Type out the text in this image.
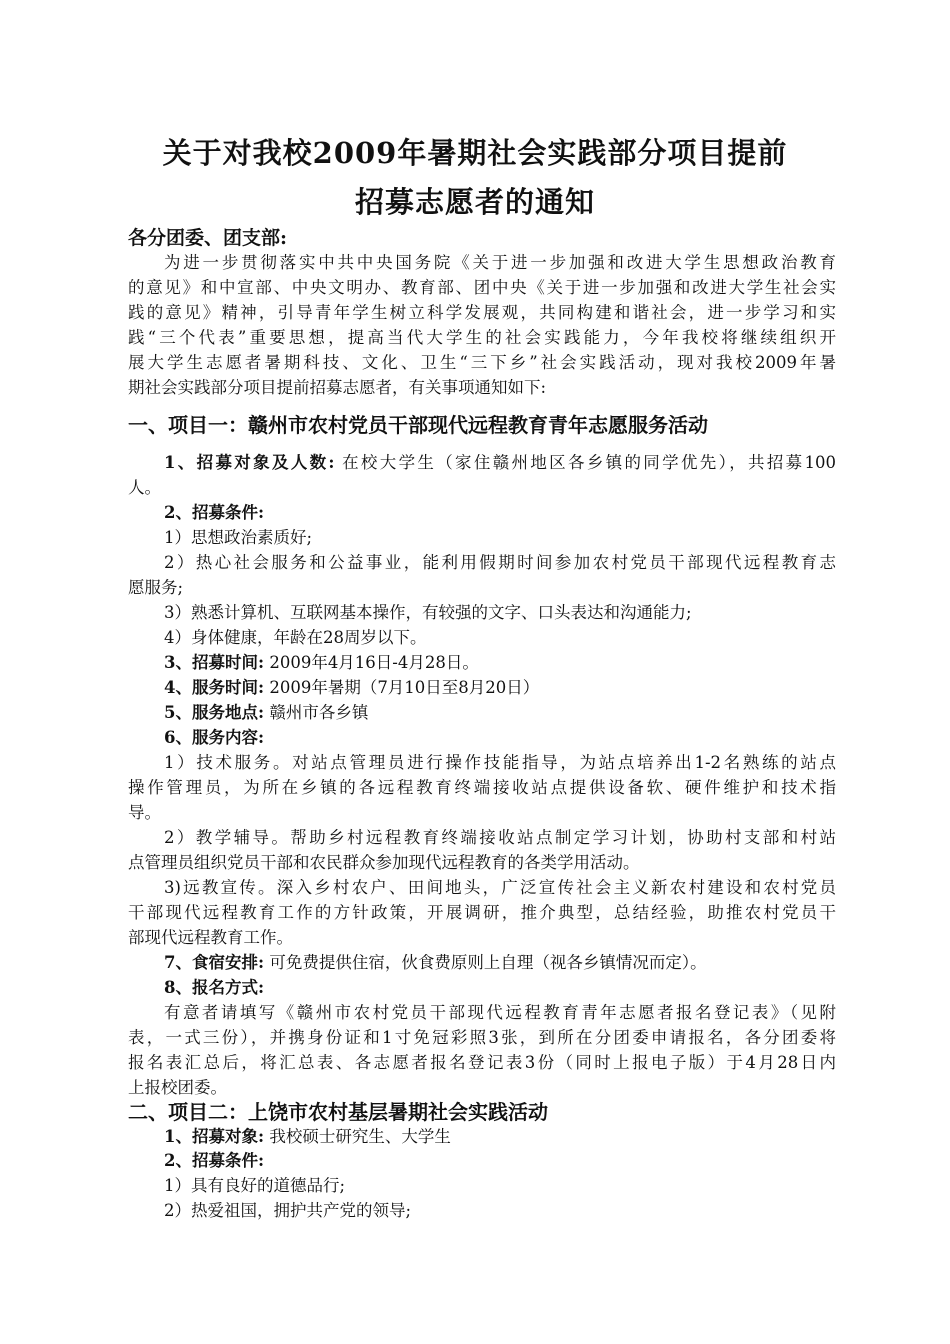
关于对我校2009年暑期社会实践部分项目提前
招募志愿者的通知
各分团委、团支部:
为进一步贯彻落实中共中央国务院《关于进一步加强和改进大学生思想政治教育
的意见》和中宣部、中央文明办、教育部、团中央《关于进一步加强和改进大学生社会实
践的意见》精神，引导青年学生树立科学发展观，共同构建和谐社会，进一步学习和实
践“三个代表”重要思想，提高当代大学生的社会实践能力，今年我校将继续组织开
展大学生志愿者暑期科技、文化、卫生“三下乡”社会实践活动，现对我校2009年暑
期社会实践部分项目提前招募志愿者，有关事项通知如下:
一、项目一：赣州市农村党员干部现代远程教育青年志愿服务活动
1、招募对象及人数: 在校大学生（家住赣州地区各乡镇的同学优先），共招募100
人。
2、招募条件:
1）思想政治素质好;
2）热心社会服务和公益事业，能利用假期时间参加农村党员干部现代远程教育志
愿服务;
3）熟悉计算机、互联网基本操作，有较强的文字、口头表达和沟通能力;
4）身体健康，年龄在28周岁以下。
3、招募时间: 2009年4月16日-4月28日。
4、服务时间: 2009年暑期（7月10日至8月20日）
5、服务地点: 赣州市各乡镇
6、服务内容:
1）技术服务。对站点管理员进行操作技能指导，为站点培养出1-2名熟练的站点
操作管理员，为所在乡镇的各远程教育终端接收站点提供设备软、硬件维护和技术指
导。
2）教学辅导。帮助乡村远程教育终端接收站点制定学习计划，协助村支部和村站
点管理员组织党员干部和农民群众参加现代远程教育的各类学用活动。
3)远教宣传。深入乡村农户、田间地头，广泛宣传社会主义新农村建设和农村党员
干部现代远程教育工作的方针政策，开展调研，推介典型，总结经验，助推农村党员干
部现代远程教育工作。
7、食宿安排: 可免费提供住宿，伙食费原则上自理（视各乡镇情况而定）。
8、报名方式:
有意者请填写《赣州市农村党员干部现代远程教育青年志愿者报名登记表》（见附
表，一式三份），并携身份证和1寸免冠彩照3张，到所在分团委申请报名，各分团委将
报名表汇总后，将汇总表、各志愿者报名登记表3份（同时上报电子版）于4月28日内
上报校团委。
二、项目二：上饶市农村基层暑期社会实践活动
1、招募对象: 我校硕士研究生、大学生
2、招募条件:
1）具有良好的道德品行;
2）热爱祖国，拥护共产党的领导;
